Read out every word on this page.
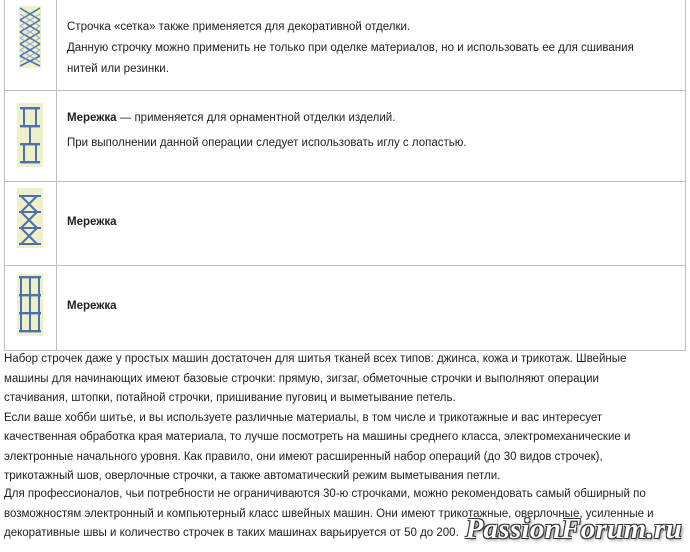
Строчка «сетка» также применяется для декоративной отделки.

Данную строчку можно применить не только при оделке материалов, но и использовать ее для сшивания

нитей или резинки.

Мережка — применяется для орнаментной отделки изделий.

При выполнении данной операции следует использовать иглу с лопастью.

Мережка

Мережка

Набор строчек даже у простых машин достаточен для шитья тканей всех типов: джинса, кожа и трикотаж. Швейные

машины для начинающих имеют базовые строчки: прямую, зигзаг, обметочные строчки и выполняют операции

стачивания, штопки, потайной строчки, пришивание пуговиц и выметывание петель.

Если ваше хобби шитье, и вы используете различные материалы, в том числе и трикотажные и вас интересует

качественная обработка края материала, то лучше посмотреть на машины среднего класса, электромеханические и

электронные начального уровня. Как правило, они имеют расширенный набор операций (до 30 видов строчек),

трикотажный шов, оверлочные строчки, а также автоматический режим выметывания петли.

Для профессионалов, чьи потребности не ограничиваются 30-ю строчками, можно рекомендовать самый обширный по

возможностям электронный и компьютерный класс швейных машин. Они имеют трикотажные, оверлочные, усиленные и

декоративные швы и количество строчек в таких машинах варьируется от 50 до 200. PassionForum.ru
